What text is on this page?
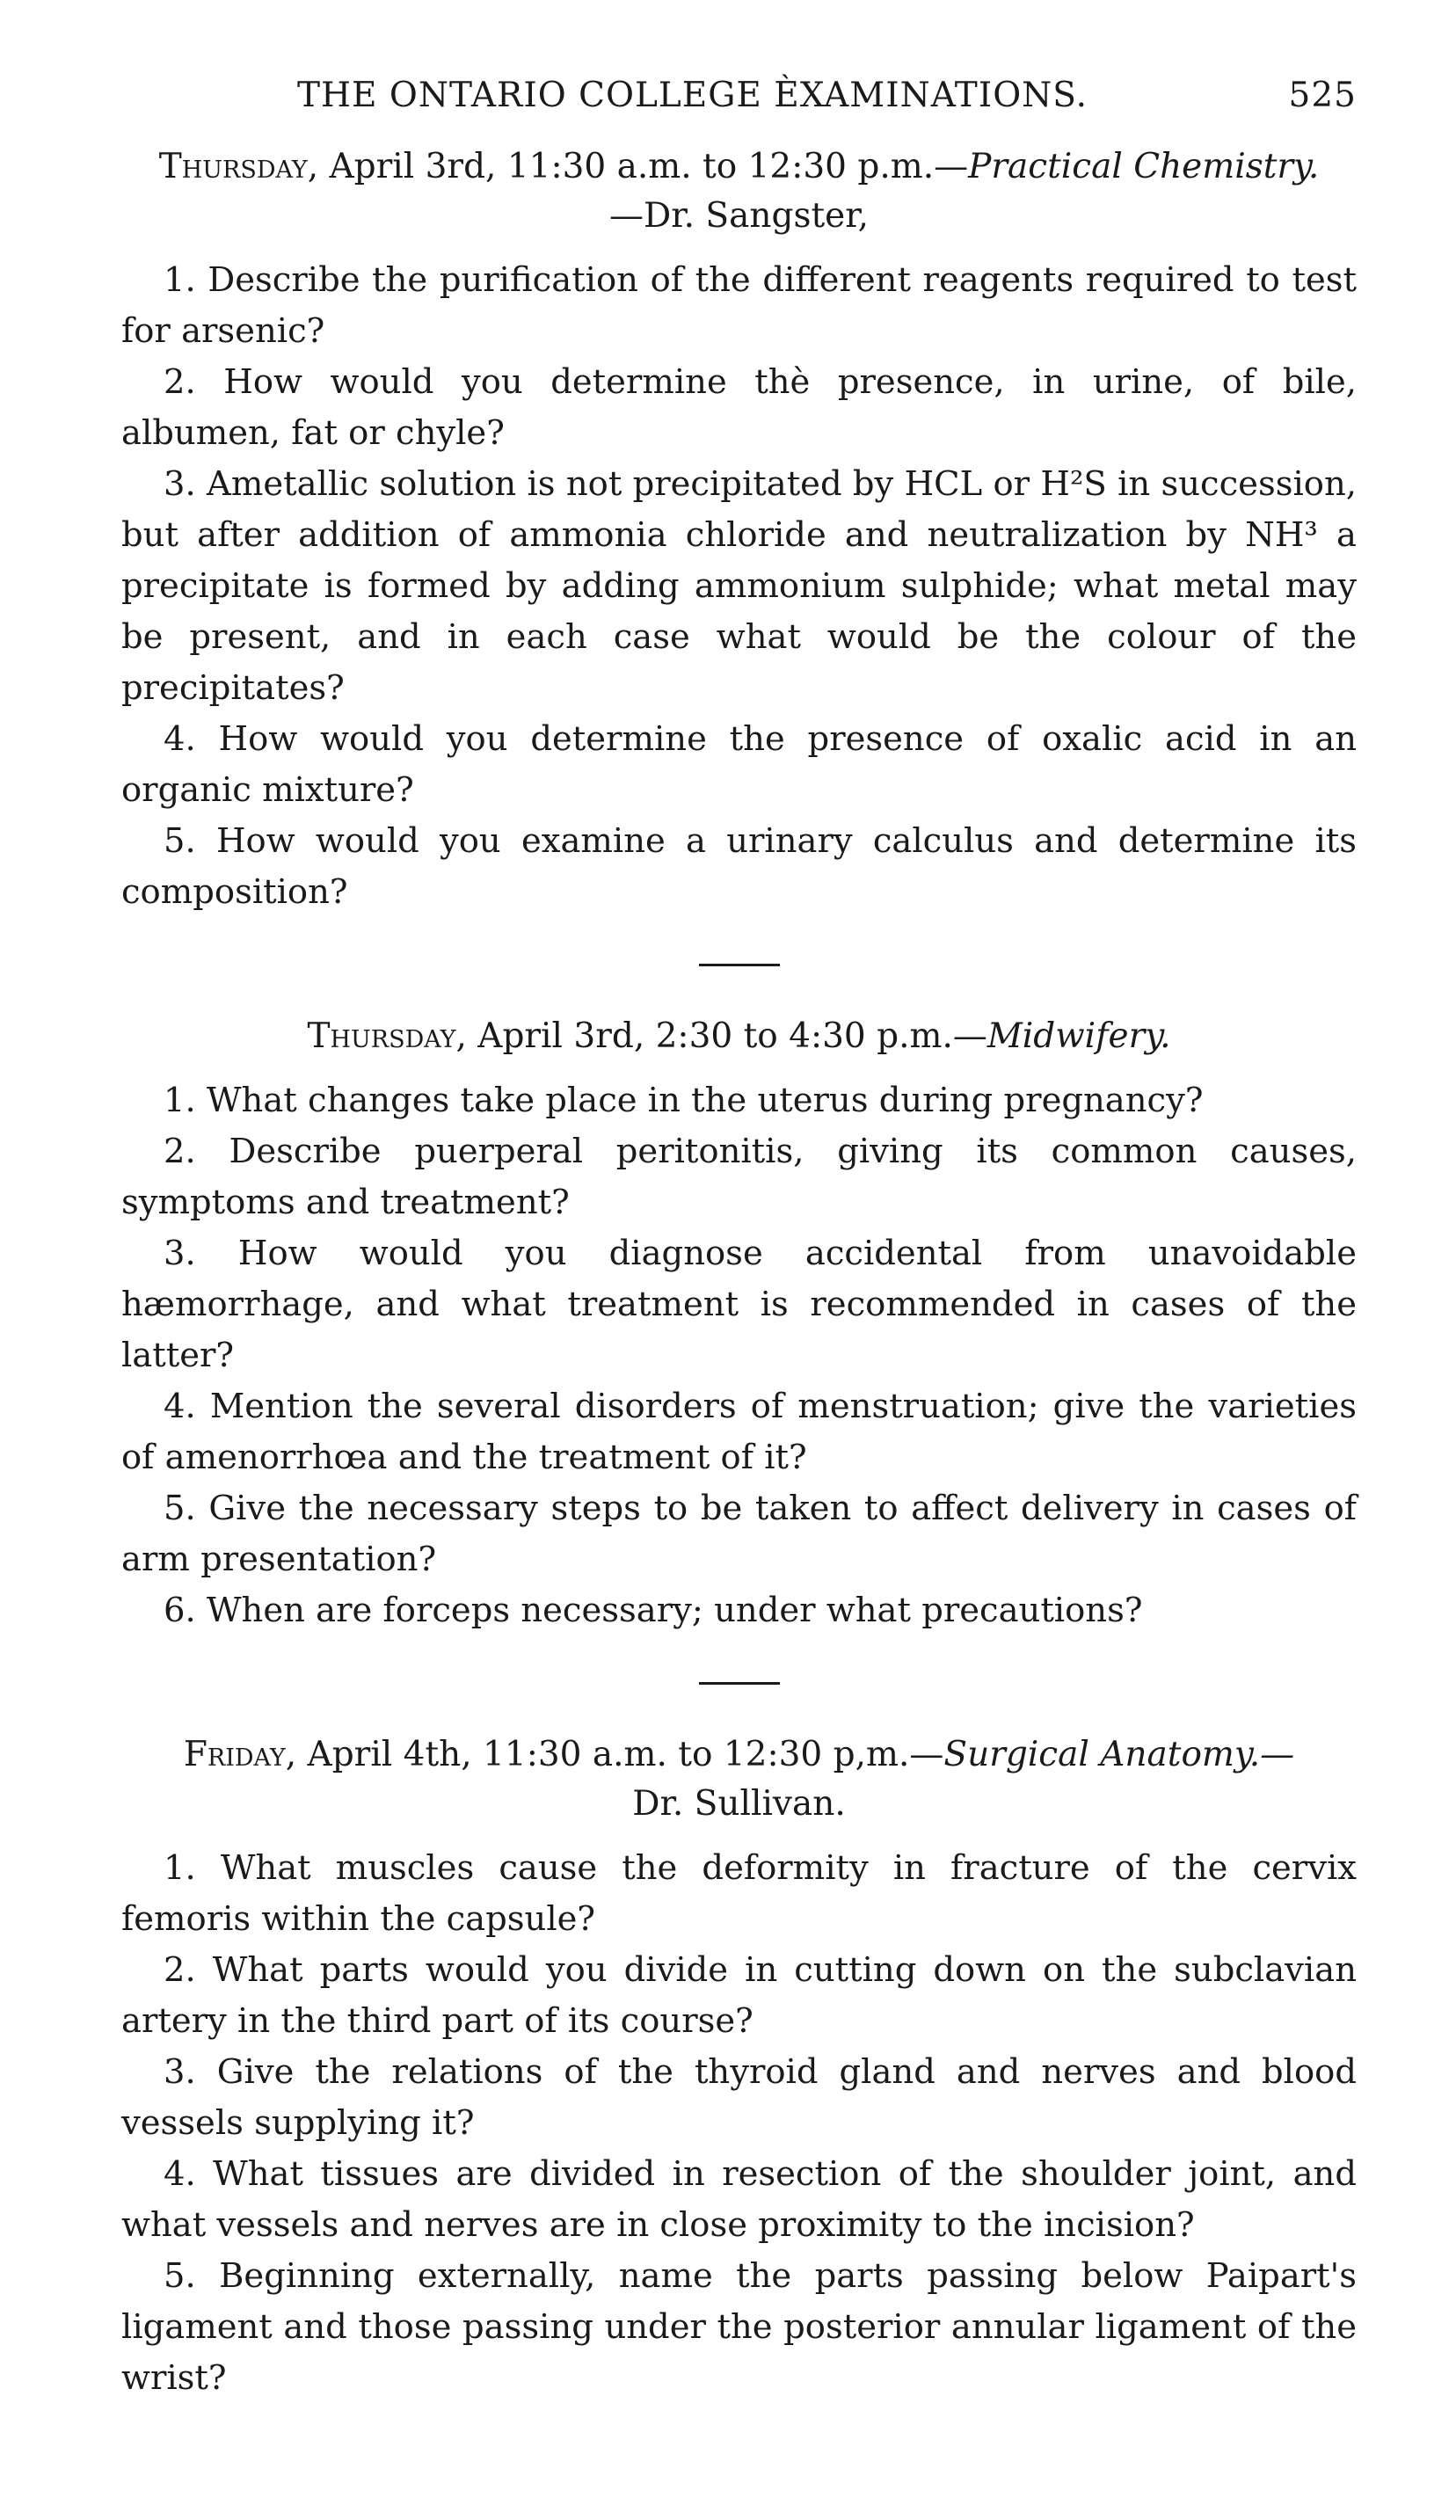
THE ONTARIO COLLEGE ÈXAMINATIONS.	525
Thursday, April 3rd, 11:30 a.m. to 12:30 p.m.—Practical Chemistry.
—Dr. Sangster,

1. Describe the purification of the different reagents required to test for arsenic?

2. How would you determine thè presence, in urine, of bile, albumen, fat or chyle?

3. Ametallic solution is not precipitated by HCL or H²S in succession, but after addition of ammonia chloride and neutralization by NH³ a precipitate is formed by adding ammonium sulphide; what metal may be present, and in each case what would be the colour of the precipitates?

4. How would you determine the presence of oxalic acid in an organic mixture?

5. How would you examine a urinary calculus and determine its composition?

Thursday, April 3rd, 2:30 to 4:30 p.m.—Midwifery.

1. What changes take place in the uterus during pregnancy?

2. Describe puerperal peritonitis, giving its common causes, symptoms and treatment?

3. How would you diagnose accidental from unavoidable hæmorrhage, and what treatment is recommended in cases of the latter?

4. Mention the several disorders of menstruation; give the varieties of amenorrhœa and the treatment of it?

5. Give the necessary steps to be taken to affect delivery in cases of arm presentation?

6. When are forceps necessary; under what precautions?

Friday, April 4th, 11:30 a.m. to 12:30 p,m.—Surgical Anatomy.—
Dr. Sullivan.

1. What muscles cause the deformity in fracture of the cervix femoris within the capsule?

2. What parts would you divide in cutting down on the subclavian artery in the third part of its course?

3. Give the relations of the thyroid gland and nerves and blood vessels supplying it?

4. What tissues are divided in resection of the shoulder joint, and what vessels and nerves are in close proximity to the incision?

5. Beginning externally, name the parts passing below Paipart's ligament and those passing under the posterior annular ligament of the wrist?
